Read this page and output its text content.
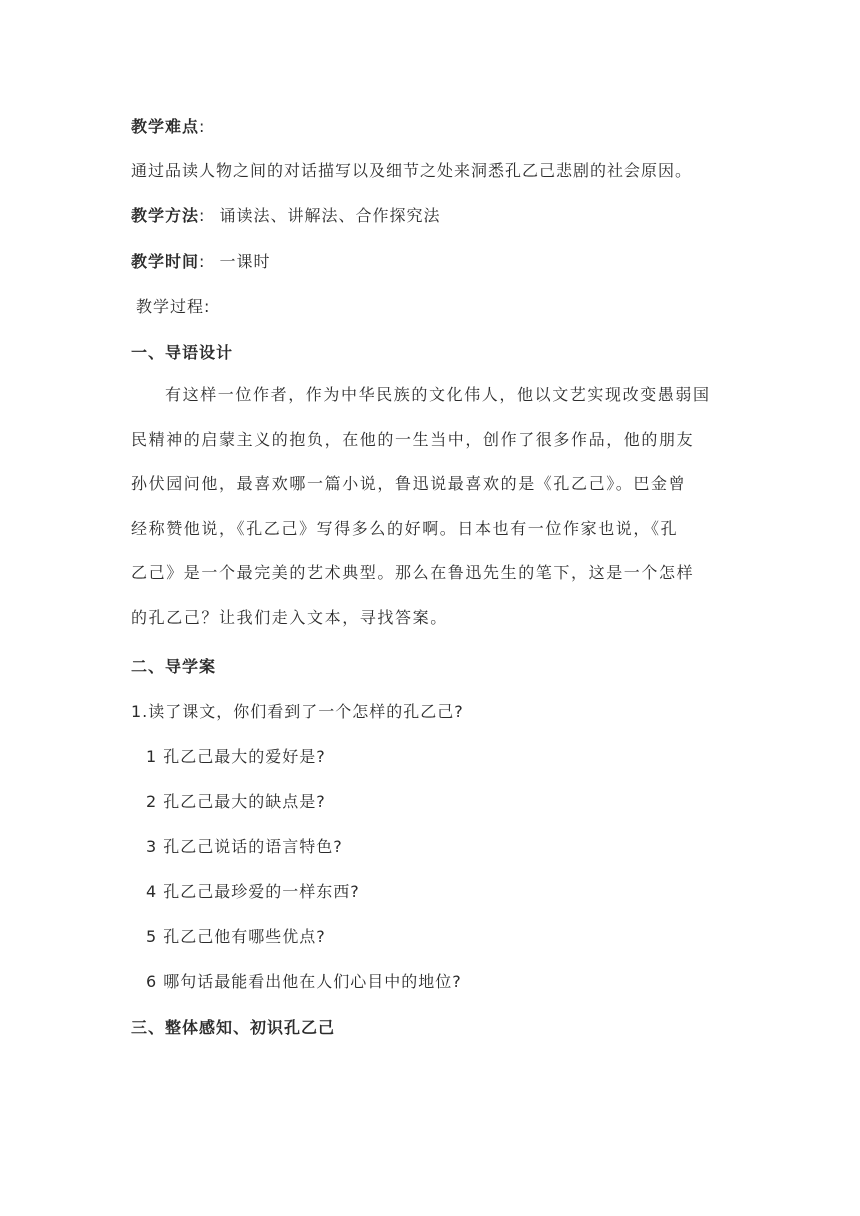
教学难点:
通过品读人物之间的对话描写以及细节之处来洞悉孔乙己悲剧的社会原因。
教学方法: 诵读法、讲解法、合作探究法
教学时间: 一课时
教学过程:
一、导语设计
有这样一位作者，作为中华民族的文化伟人，他以文艺实现改变愚弱国
民精神的启蒙主义的抱负，在他的一生当中，创作了很多作品，他的朋友
孙伏园问他，最喜欢哪一篇小说，鲁迅说最喜欢的是《孔乙己》。巴金曾
经称赞他说，《孔乙己》写得多么的好啊。日本也有一位作家也说，《孔
乙己》是一个最完美的艺术典型。那么在鲁迅先生的笔下，这是一个怎样
的孔乙己？让我们走入文本，寻找答案。
二、导学案
1.读了课文，你们看到了一个怎样的孔乙己?
1 孔乙己最大的爱好是?
2 孔乙己最大的缺点是?
3 孔乙己说话的语言特色?
4 孔乙己最珍爱的一样东西?
5 孔乙己他有哪些优点?
6 哪句话最能看出他在人们心目中的地位?
三、整体感知、初识孔乙己
